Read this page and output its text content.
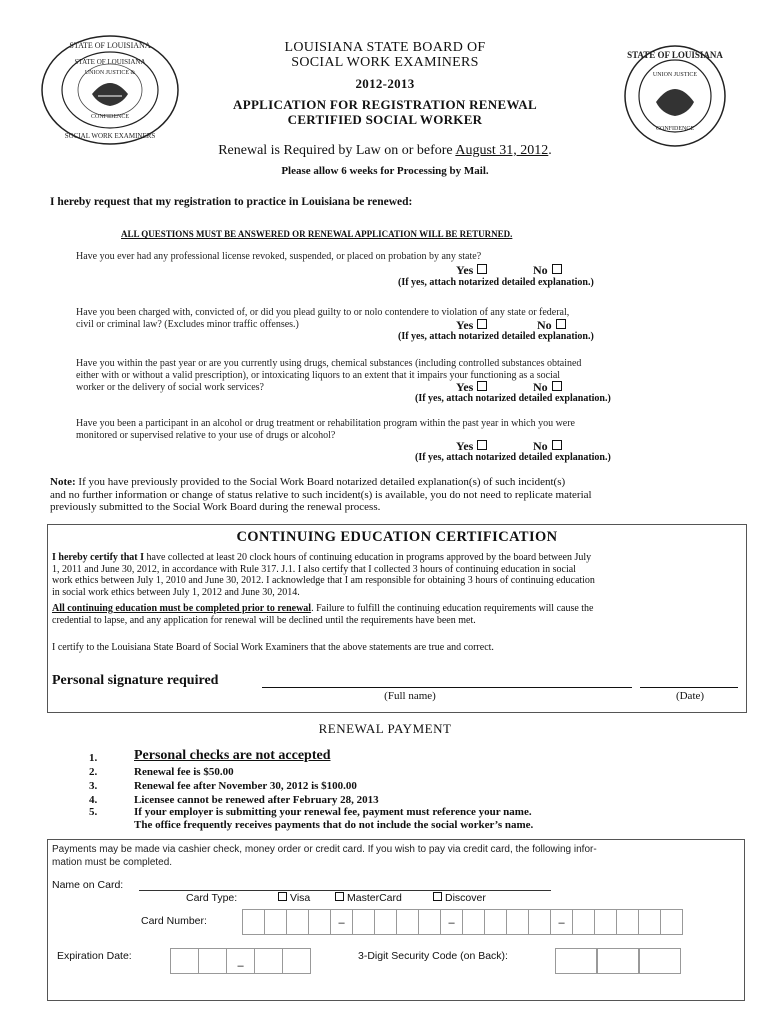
STATE OF LOUISIANA
STATE OF LOUISIANA
UNION JUSTICE &
CONFIDENCE
SOCIAL WORK EXAMINERS
STATE OF LOUISIANA
UNION JUSTICE
CONFIDENCE
LOUISIANA STATE BOARD OF
SOCIAL WORK EXAMINERS
2012-2013
APPLICATION FOR REGISTRATION RENEWAL
CERTIFIED SOCIAL WORKER
Renewal is Required by Law on or before August 31, 2012.
Please allow 6 weeks for Processing by Mail.
I hereby request that my registration to practice in Louisiana be renewed:
ALL QUESTIONS MUST BE ANSWERED OR RENEWAL APPLICATION WILL BE RETURNED.
Have you ever had any professional license revoked, suspended, or placed on probation by any state?
Yes	No
(If yes, attach notarized detailed explanation.)
Have you been charged with, convicted of, or did you plead guilty to or nolo contendere to violation of any state or federal,
civil or criminal law? (Excludes minor traffic offenses.)	Yes	No
(If yes, attach notarized detailed explanation.)
Have you within the past year or are you currently using drugs, chemical substances (including controlled substances obtained
either with or without a valid prescription), or intoxicating liquors to an extent that it impairs your functioning as a social
worker or the delivery of social work services?	Yes	No
(If yes, attach notarized detailed explanation.)
Have you been a participant in an alcohol or drug treatment or rehabilitation program within the past year in which you were
monitored or supervised relative to your use of drugs or alcohol?
Yes	No
(If yes, attach notarized detailed explanation.)
Note: If you have previously provided to the Social Work Board notarized detailed explanation(s) of such incident(s)
and no further information or change of status relative to such incident(s) is available, you do not need to replicate material
previously submitted to the Social Work Board during the renewal process.
CONTINUING EDUCATION CERTIFICATION
I hereby certify that I have collected at least 20 clock hours of continuing education in programs approved by the board between July
1, 2011 and June 30, 2012, in accordance with Rule 317. J.1. I also certify that I collected 3 hours of continuing education in social
work ethics between July 1, 2010 and June 30, 2012. I acknowledge that I am responsible for obtaining 3 hours of continuing education
in social work ethics between July 1, 2012 and June 30, 2014.
All continuing education must be completed prior to renewal. Failure to fulfill the continuing education requirements will cause the
credential to lapse, and any application for renewal will be declined until the requirements have been met.
I certify to the Louisiana State Board of Social Work Examiners that the above statements are true and correct.
Personal signature required
(Full name)	(Date)
RENEWAL PAYMENT
1.	Personal checks are not accepted
2.	Renewal fee is $50.00
3.	Renewal fee after November 30, 2012 is $100.00
4.	Licensee cannot be renewed after February 28, 2013
5.	If your employer is submitting your renewal fee, payment must reference your name.
The office frequently receives payments that do not include the social worker’s name.
Payments may be made via cashier check, money order or credit card. If you wish to pay via credit card, the following infor-
mation must be completed.
Name on Card:
Card Type:	Visa	MasterCard	Discover
Card Number:	–	–	–
Expiration Date:
–
3-Digit Security Code (on Back):
